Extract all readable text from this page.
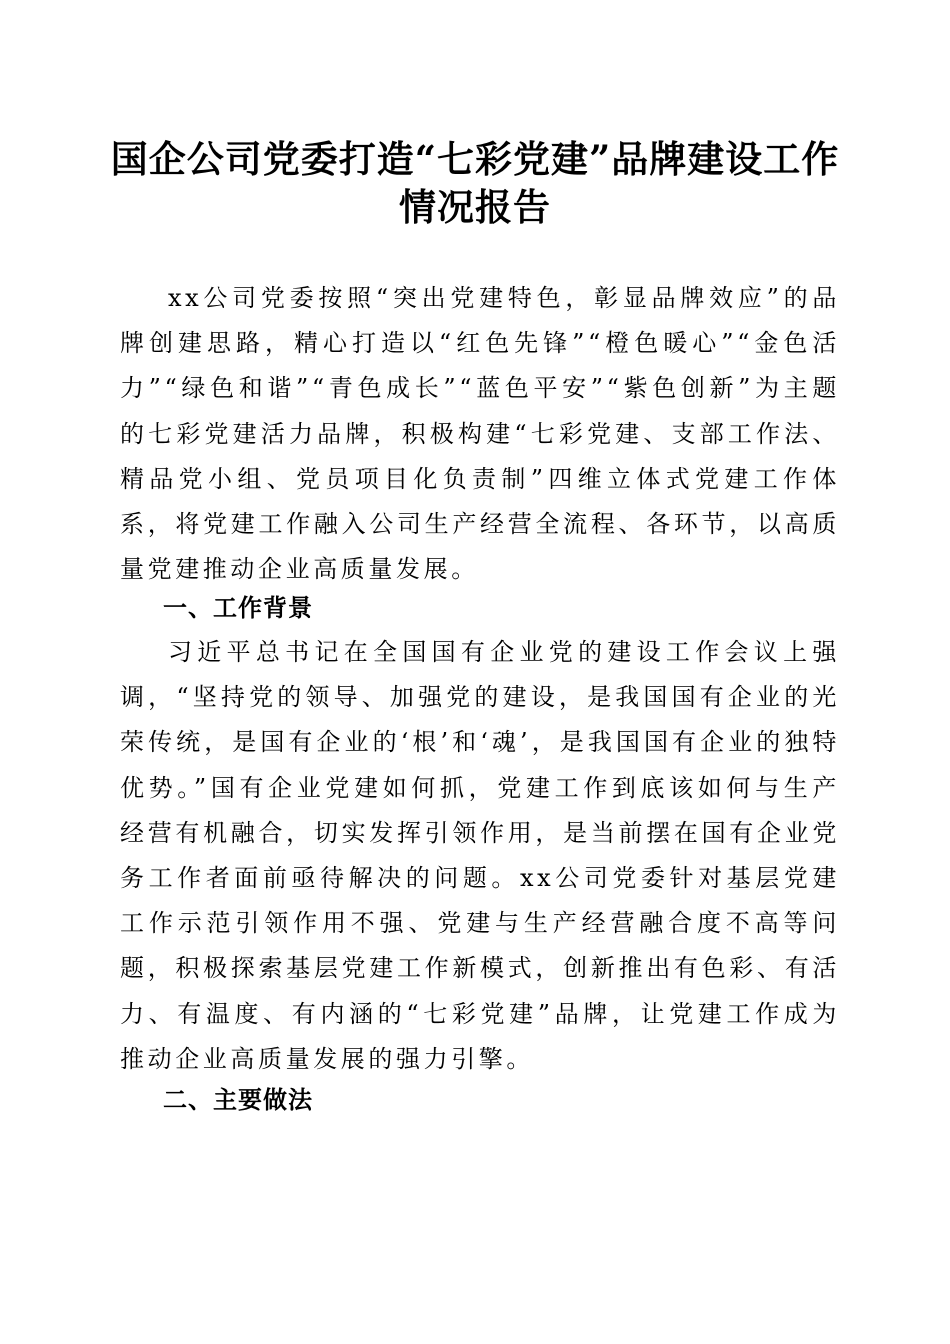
国企公司党委打造“七彩党建”品牌建设工作
情况报告

xx公司党委按照“突出党建特色，彰显品牌效应”的品牌创建思路，精心打造以“红色先锋”“橙色暖心”“金色活力”“绿色和谐”“青色成长”“蓝色平安”“紫色创新”为主题的七彩党建活力品牌，积极构建“七彩党建、支部工作法、精品党小组、党员项目化负责制”四维立体式党建工作体系，将党建工作融入公司生产经营全流程、各环节，以高质量党建推动企业高质量发展。

一、工作背景

习近平总书记在全国国有企业党的建设工作会议上强调，“坚持党的领导、加强党的建设，是我国国有企业的光荣传统，是国有企业的‘根’和‘魂’，是我国国有企业的独特优势。”国有企业党建如何抓，党建工作到底该如何与生产经营有机融合，切实发挥引领作用，是当前摆在国有企业党务工作者面前亟待解决的问题。xx公司党委针对基层党建工作示范引领作用不强、党建与生产经营融合度不高等问题，积极探索基层党建工作新模式，创新推出有色彩、有活力、有温度、有内涵的“七彩党建”品牌，让党建工作成为推动企业高质量发展的强力引擎。

二、主要做法
